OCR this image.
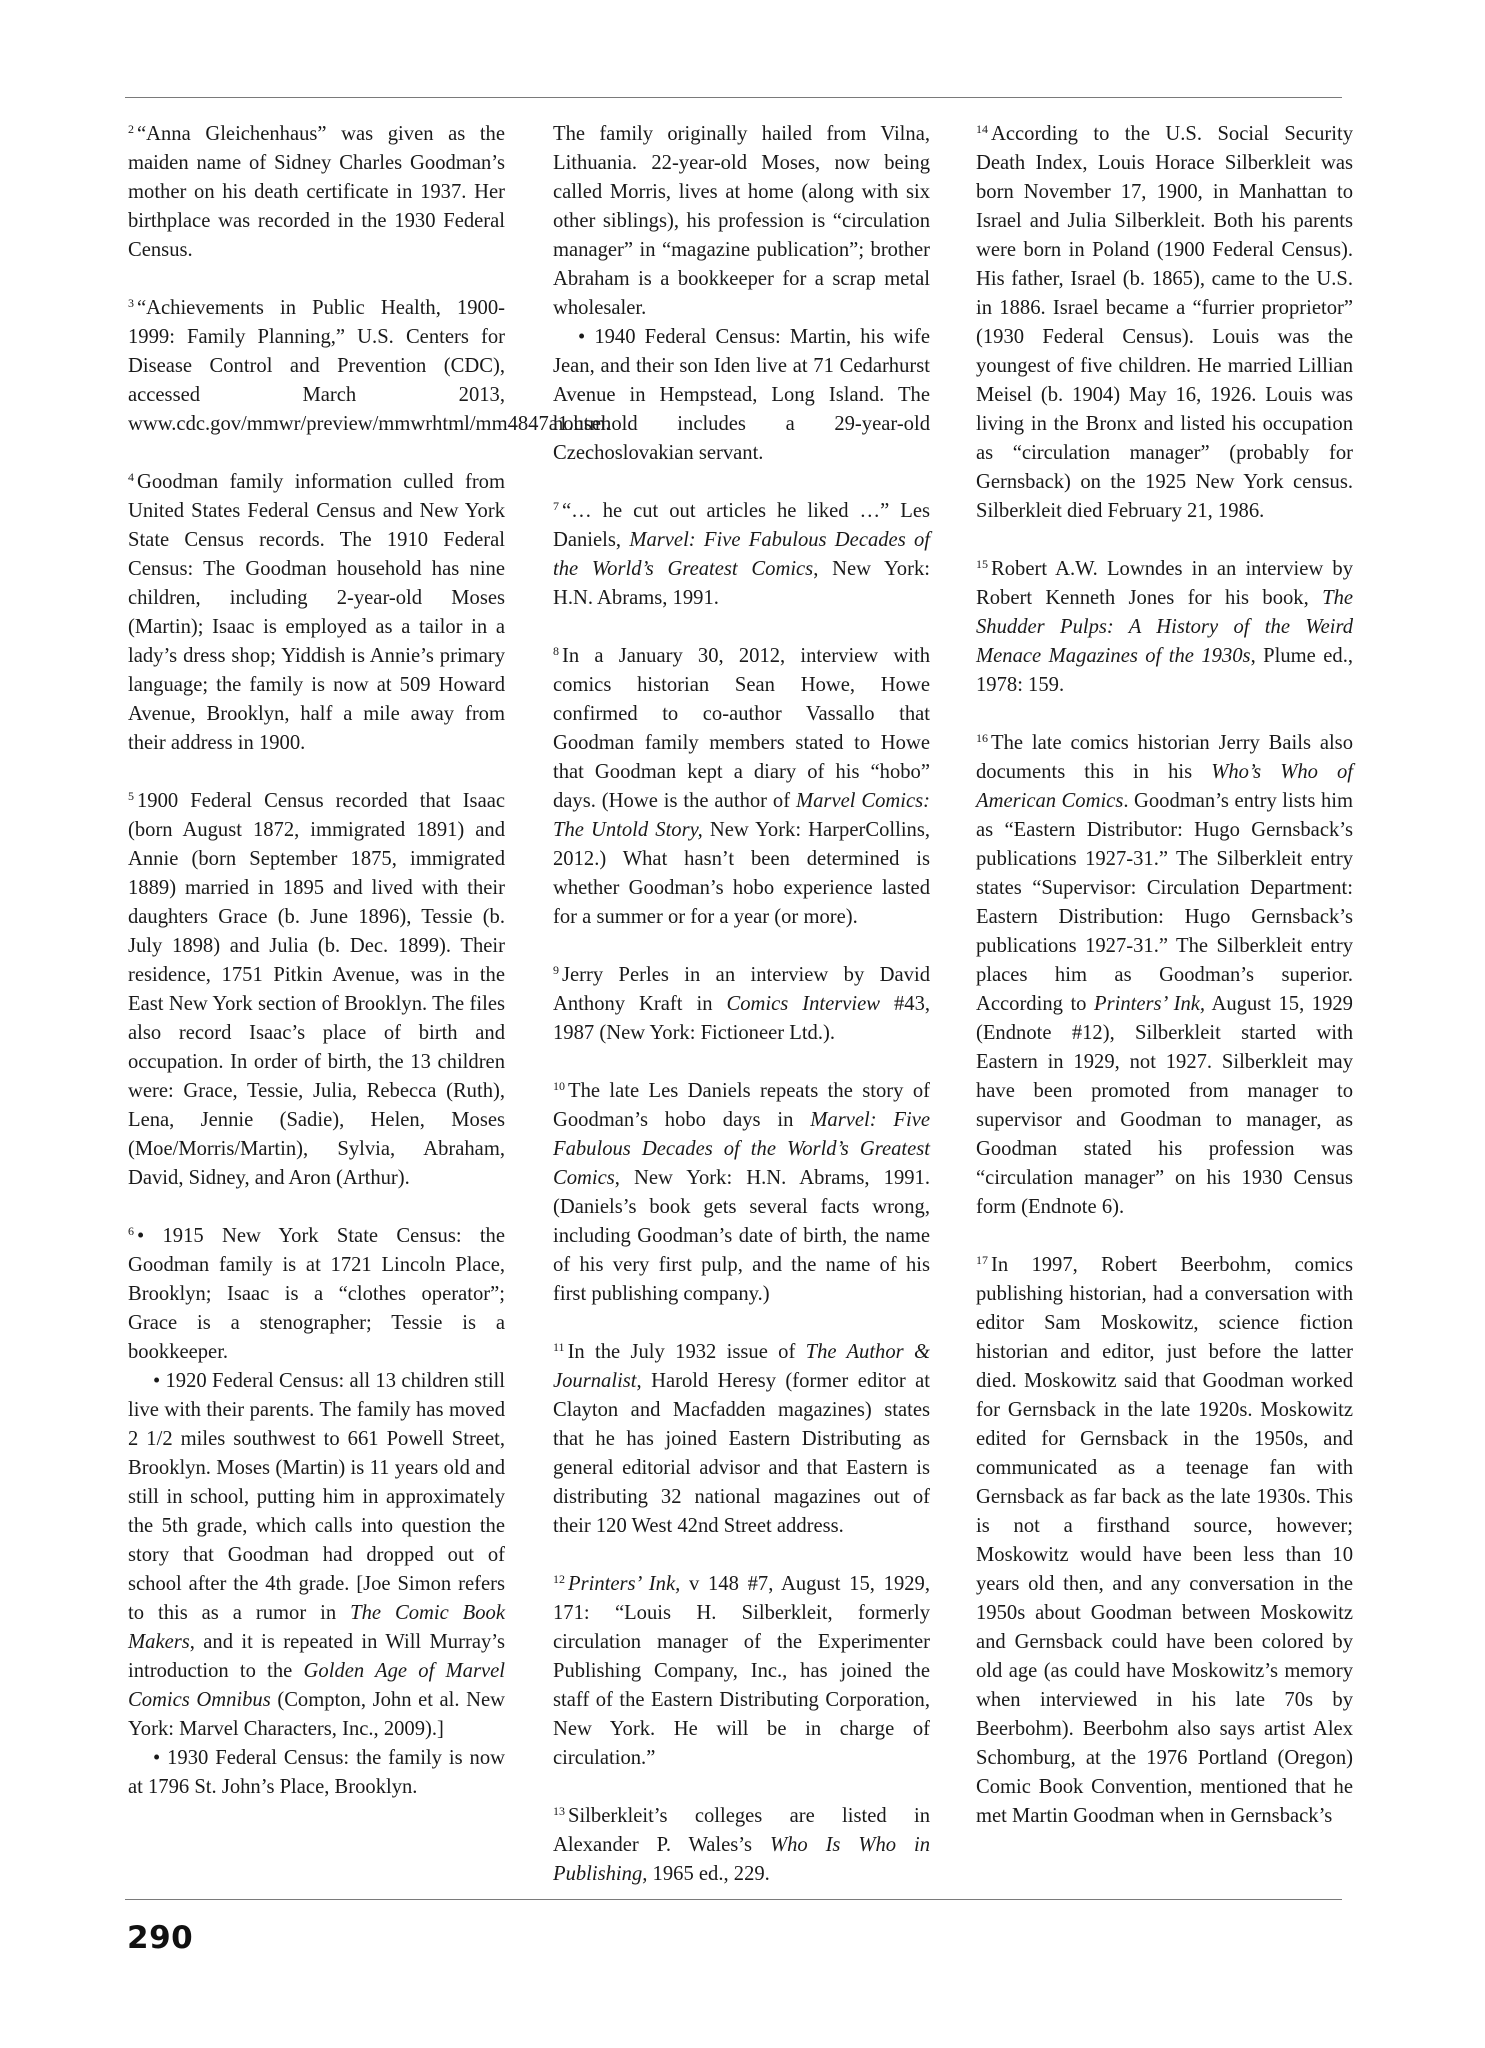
$^2$ “Anna Gleichenhaus” was given as the maiden name of Sidney Charles Goodman’s mother on his death certificate in 1937. Her birthplace was recorded in the 1930 Federal Census.

$^3$ “Achievements in Public Health, 1900-1999: Family Planning,” U.S. Centers for Disease Control and Prevention (CDC), accessed March 2013, www.cdc.gov/mmwr/preview/mmwrhtml/mm4847a1.htm.

$^4$ Goodman family information culled from United States Federal Census and New York State Census records. The 1910 Federal Census: The Goodman household has nine children, including 2-year-old Moses (Martin); Isaac is employed as a tailor in a lady’s dress shop; Yiddish is Annie’s primary language; the family is now at 509 Howard Avenue, Brooklyn, half a mile away from their address in 1900.

$^5$ 1900 Federal Census recorded that Isaac (born August 1872, immigrated 1891) and Annie (born September 1875, immigrated 1889) married in 1895 and lived with their daughters Grace (b. June 1896), Tessie (b. July 1898) and Julia (b. Dec. 1899). Their residence, 1751 Pitkin Avenue, was in the East New York section of Brooklyn. The files also record Isaac’s place of birth and occupation. In order of birth, the 13 children were: Grace, Tessie, Julia, Rebecca (Ruth), Lena, Jennie (Sadie), Helen, Moses (Moe/Morris/Martin), Sylvia, Abraham, David, Sidney, and Aron (Arthur).

$^6$ • 1915 New York State Census: the Goodman family is at 1721 Lincoln Place, Brooklyn; Isaac is a “clothes operator”; Grace is a stenographer; Tessie is a bookkeeper.

• 1920 Federal Census: all 13 children still live with their parents. The family has moved 2 1/2 miles southwest to 661 Powell Street, Brooklyn. Moses (Martin) is 11 years old and still in school, putting him in approximately the 5th grade, which calls into question the story that Goodman had dropped out of school after the 4th grade. [Joe Simon refers to this as a rumor in The Comic Book Makers, and it is repeated in Will Murray’s introduction to the Golden Age of Marvel Comics Omnibus (Compton, John et al. New York: Marvel Characters, Inc., 2009).]

• 1930 Federal Census: the family is now at 1796 St. John’s Place, Brooklyn.

The family originally hailed from Vilna, Lithuania. 22-year-old Moses, now being called Morris, lives at home (along with six other siblings), his profession is “circulation manager” in “magazine publication”; brother Abraham is a bookkeeper for a scrap metal wholesaler.

• 1940 Federal Census: Martin, his wife Jean, and their son Iden live at 71 Cedarhurst Avenue in Hempstead, Long Island. The household includes a 29-year-old Czechoslovakian servant.

$^7$ “… he cut out articles he liked …” Les Daniels, Marvel: Five Fabulous Decades of the World’s Greatest Comics, New York: H.N. Abrams, 1991.

$^8$ In a January 30, 2012, interview with comics historian Sean Howe, Howe confirmed to co-author Vassallo that Goodman family members stated to Howe that Goodman kept a diary of his “hobo” days. (Howe is the author of Marvel Comics: The Untold Story, New York: HarperCollins, 2012.) What hasn’t been determined is whether Goodman’s hobo experience lasted for a summer or for a year (or more).

$^9$ Jerry Perles in an interview by David Anthony Kraft in Comics Interview #43, 1987 (New York: Fictioneer Ltd.).

$^{10}$ The late Les Daniels repeats the story of Goodman’s hobo days in Marvel: Five Fabulous Decades of the World’s Greatest Comics, New York: H.N. Abrams, 1991. (Daniels’s book gets several facts wrong, including Goodman’s date of birth, the name of his very first pulp, and the name of his first publishing company.)

$^{11}$ In the July 1932 issue of The Author & Journalist, Harold Heresy (former editor at Clayton and Macfadden magazines) states that he has joined Eastern Distributing as general editorial advisor and that Eastern is distributing 32 national magazines out of their 120 West 42nd Street address.

$^{12}$ Printers’ Ink, v 148 #7, August 15, 1929, 171: “Louis H. Silberkleit, formerly circulation manager of the Experimenter Publishing Company, Inc., has joined the staff of the Eastern Distributing Corporation, New York. He will be in charge of circulation.”

$^{13}$ Silberkleit’s colleges are listed in Alexander P. Wales’s Who Is Who in Publishing, 1965 ed., 229.

$^{14}$ According to the U.S. Social Security Death Index, Louis Horace Silberkleit was born November 17, 1900, in Manhattan to Israel and Julia Silberkleit. Both his parents were born in Poland (1900 Federal Census). His father, Israel (b. 1865), came to the U.S. in 1886. Israel became a “furrier proprietor” (1930 Federal Census). Louis was the youngest of five children. He married Lillian Meisel (b. 1904) May 16, 1926. Louis was living in the Bronx and listed his occupation as “circulation manager” (probably for Gernsback) on the 1925 New York census. Silberkleit died February 21, 1986.

$^{15}$ Robert A.W. Lowndes in an interview by Robert Kenneth Jones for his book, The Shudder Pulps: A History of the Weird Menace Magazines of the 1930s, Plume ed., 1978: 159.

$^{16}$ The late comics historian Jerry Bails also documents this in his Who’s Who of American Comics. Goodman’s entry lists him as “Eastern Distributor: Hugo Gernsback’s publications 1927-31.” The Silberkleit entry states “Supervisor: Circulation Department: Eastern Distribution: Hugo Gernsback’s publications 1927-31.” The Silberkleit entry places him as Goodman’s superior. According to Printers’ Ink, August 15, 1929 (Endnote #12), Silberkleit started with Eastern in 1929, not 1927. Silberkleit may have been promoted from manager to supervisor and Goodman to manager, as Goodman stated his profession was “circulation manager” on his 1930 Census form (Endnote 6).

$^{17}$ In 1997, Robert Beerbohm, comics publishing historian, had a conversation with editor Sam Moskowitz, science fiction historian and editor, just before the latter died. Moskowitz said that Goodman worked for Gernsback in the late 1920s. Moskowitz edited for Gernsback in the 1950s, and communicated as a teenage fan with Gernsback as far back as the late 1930s. This is not a firsthand source, however; Moskowitz would have been less than 10 years old then, and any conversation in the 1950s about Goodman between Moskowitz and Gernsback could have been colored by old age (as could have Moskowitz’s memory when interviewed in his late 70s by Beerbohm). Beerbohm also says artist Alex Schomburg, at the 1976 Portland (Oregon) Comic Book Convention, mentioned that he met Martin Goodman when in Gernsback’s

290
